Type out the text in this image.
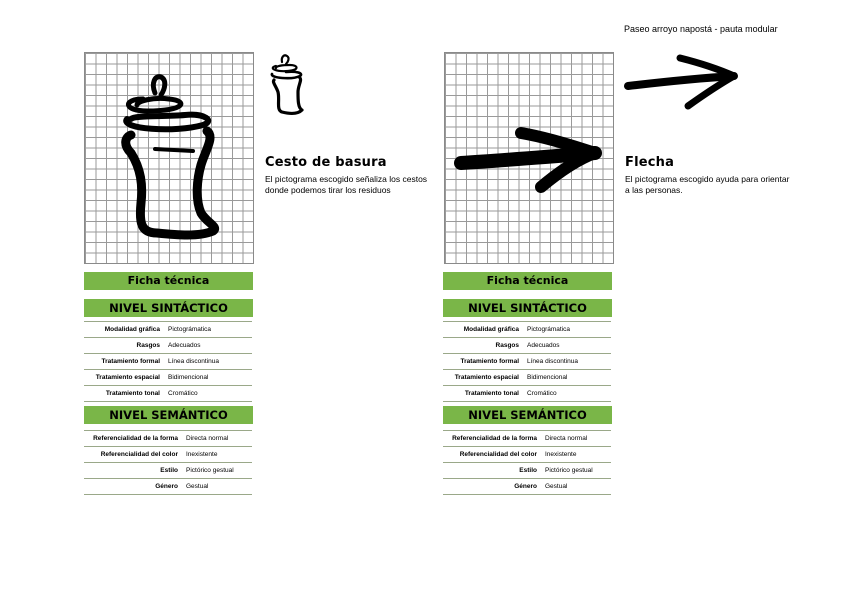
Paseo arroyo napostá - pauta modular
Cesto de basura
El pictograma escogido señaliza los cestos donde podemos tirar los residuos
Ficha técnica
NIVEL SINTÁCTICO
Modalidad gráfica	Pictográmatica
Rasgos	Adecuados
Tratamiento formal	Línea discontinua
Tratamiento espacial	Bidimencional
Tratamiento tonal	Cromático
NIVEL SEMÁNTICO
Referencialidad de la forma	Directa normal
Referencialidad del color	Inexistente
Estilo	Pictórico gestual
Género	Gestual
Flecha
El pictograma escogido ayuda para orientar a las personas.
Ficha técnica
NIVEL SINTÁCTICO
Modalidad gráfica	Pictográmatica
Rasgos	Adecuados
Tratamiento formal	Línea discontinua
Tratamiento espacial	Bidimencional
Tratamiento tonal	Cromático
NIVEL SEMÁNTICO
Referencialidad de la forma	Directa normal
Referencialidad del color	Inexistente
Estilo	Pictórico gestual
Género	Gestual
